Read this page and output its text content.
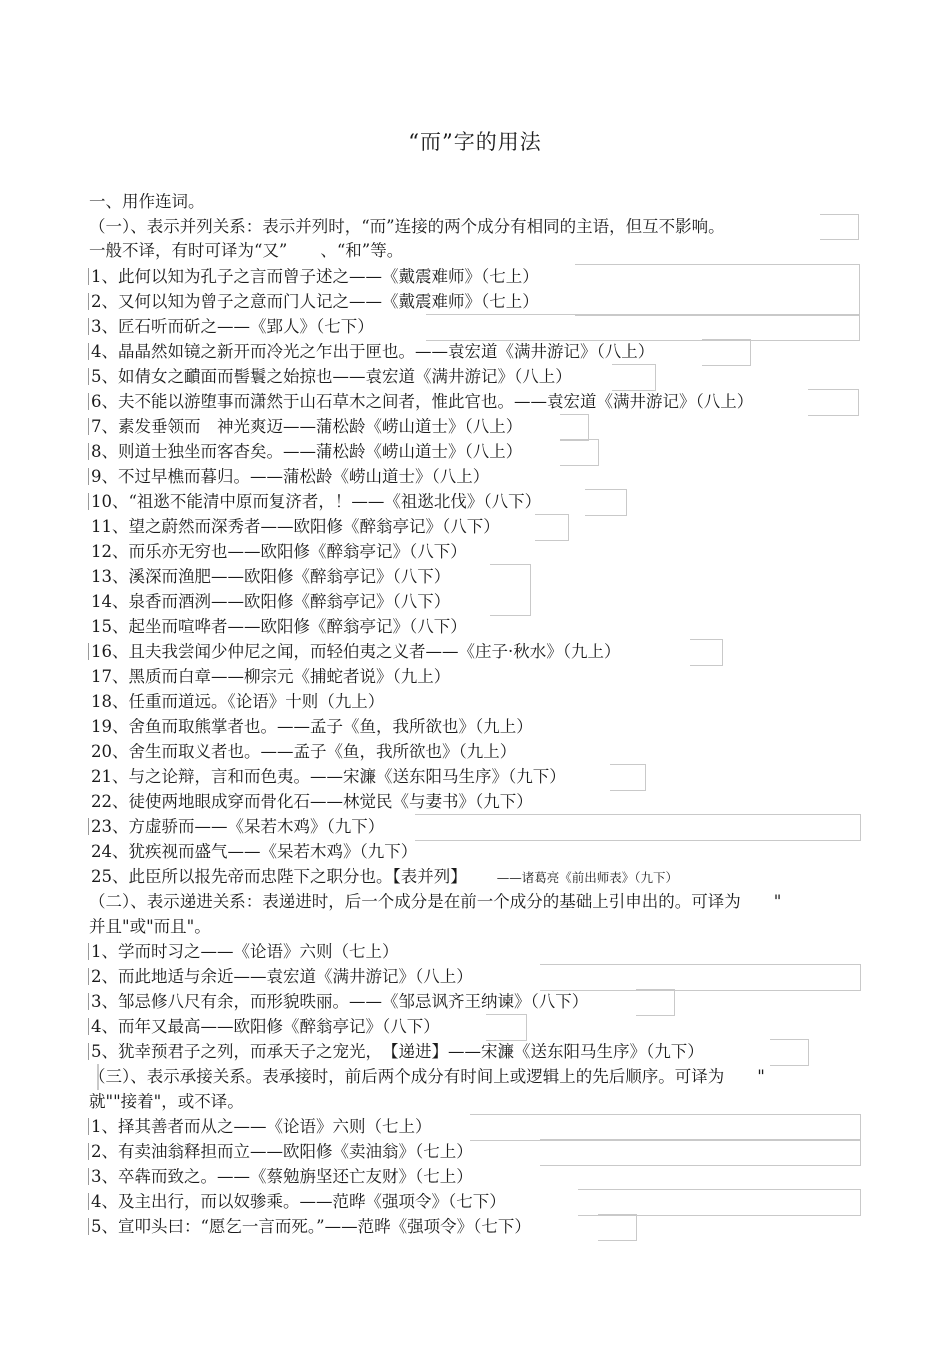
“而”字的用法
一、用作连词。
（一）、表示并列关系：表示并列时，“而”连接的两个成分有相同的主语，但互不影响。
一般不译，有时可译为“又”　　、“和”等。
1、此何以知为孔子之言而曾子述之——《戴震难师》（七上）
2、又何以知为曾子之意而门人记之——《戴震难师》（七上）
3、匠石听而斫之——《郢人》（七下）
4、晶晶然如镜之新开而冷光之乍出于匣也。——袁宏道《满井游记》（八上）
5、如倩女之靧面而髻鬟之始掠也——袁宏道《满井游记》（八上）
6、夫不能以游堕事而潇然于山石草木之间者，惟此官也。——袁宏道《满井游记》（八上）
7、素发垂领而　神光爽迈——蒲松龄《崂山道士》（八上）
8、则道士独坐而客杳矣。——蒲松龄《崂山道士》（八上）
9、不过早樵而暮归。——蒲松龄《崂山道士》（八上）
10、“祖逖不能清中原而复济者，！——《祖逖北伐》（八下）
11、望之蔚然而深秀者——欧阳修《醉翁亭记》（八下）
12、而乐亦无穷也——欧阳修《醉翁亭记》（八下）
13、溪深而渔肥——欧阳修《醉翁亭记》（八下）
14、泉香而酒洌——欧阳修《醉翁亭记》（八下）
15、起坐而喧哗者——欧阳修《醉翁亭记》（八下）
16、且夫我尝闻少仲尼之闻，而轻伯夷之义者——《庄子·秋水》（九上）
17、黑质而白章——柳宗元《捕蛇者说》（九上）
18、任重而道远。《论语》十则（九上）
19、舍鱼而取熊掌者也。——孟子《鱼，我所欲也》（九上）
20、舍生而取义者也。——孟子《鱼，我所欲也》（九上）
21、与之论辩，言和而色夷。——宋濂《送东阳马生序》（九下）
22、徒使两地眼成穿而骨化石——林觉民《与妻书》（九下）
23、方虚骄而——《呆若木鸡》（九下）
24、犹疾视而盛气——《呆若木鸡》（九下）
25、此臣所以报先帝而忠陛下之职分也。【表并列】 ——诸葛亮《前出师表》（九下）
（二）、表示递进关系：表递进时，后一个成分是在前一个成分的基础上引申出的。可译为　　"
并且"或"而且"。
1、学而时习之——《论语》六则（七上）
2、而此地适与余近——袁宏道《满井游记》（八上）
3、邹忌修八尺有余，而形貌昳丽。——《邹忌讽齐王纳谏》（八下）
4、而年又最高——欧阳修《醉翁亭记》（八下）
5、犹幸预君子之列，而承天子之宠光，　【递进】——宋濂《送东阳马生序》（九下）
（三）、表示承接关系。表承接时，前后两个成分有时间上或逻辑上的先后顺序。可译为　　"
就""接着"，或不译。
1、择其善者而从之——《论语》六则（七上）
2、有卖油翁释担而立——欧阳修《卖油翁》（七上）
3、卒犇而致之。——《蔡勉旃坚还亡友财》（七上）
4、及主出行，而以奴骖乘。——范晔《强项令》（七下）
5、宣叩头曰：“愿乞一言而死。”——范晔《强项令》（七下）
